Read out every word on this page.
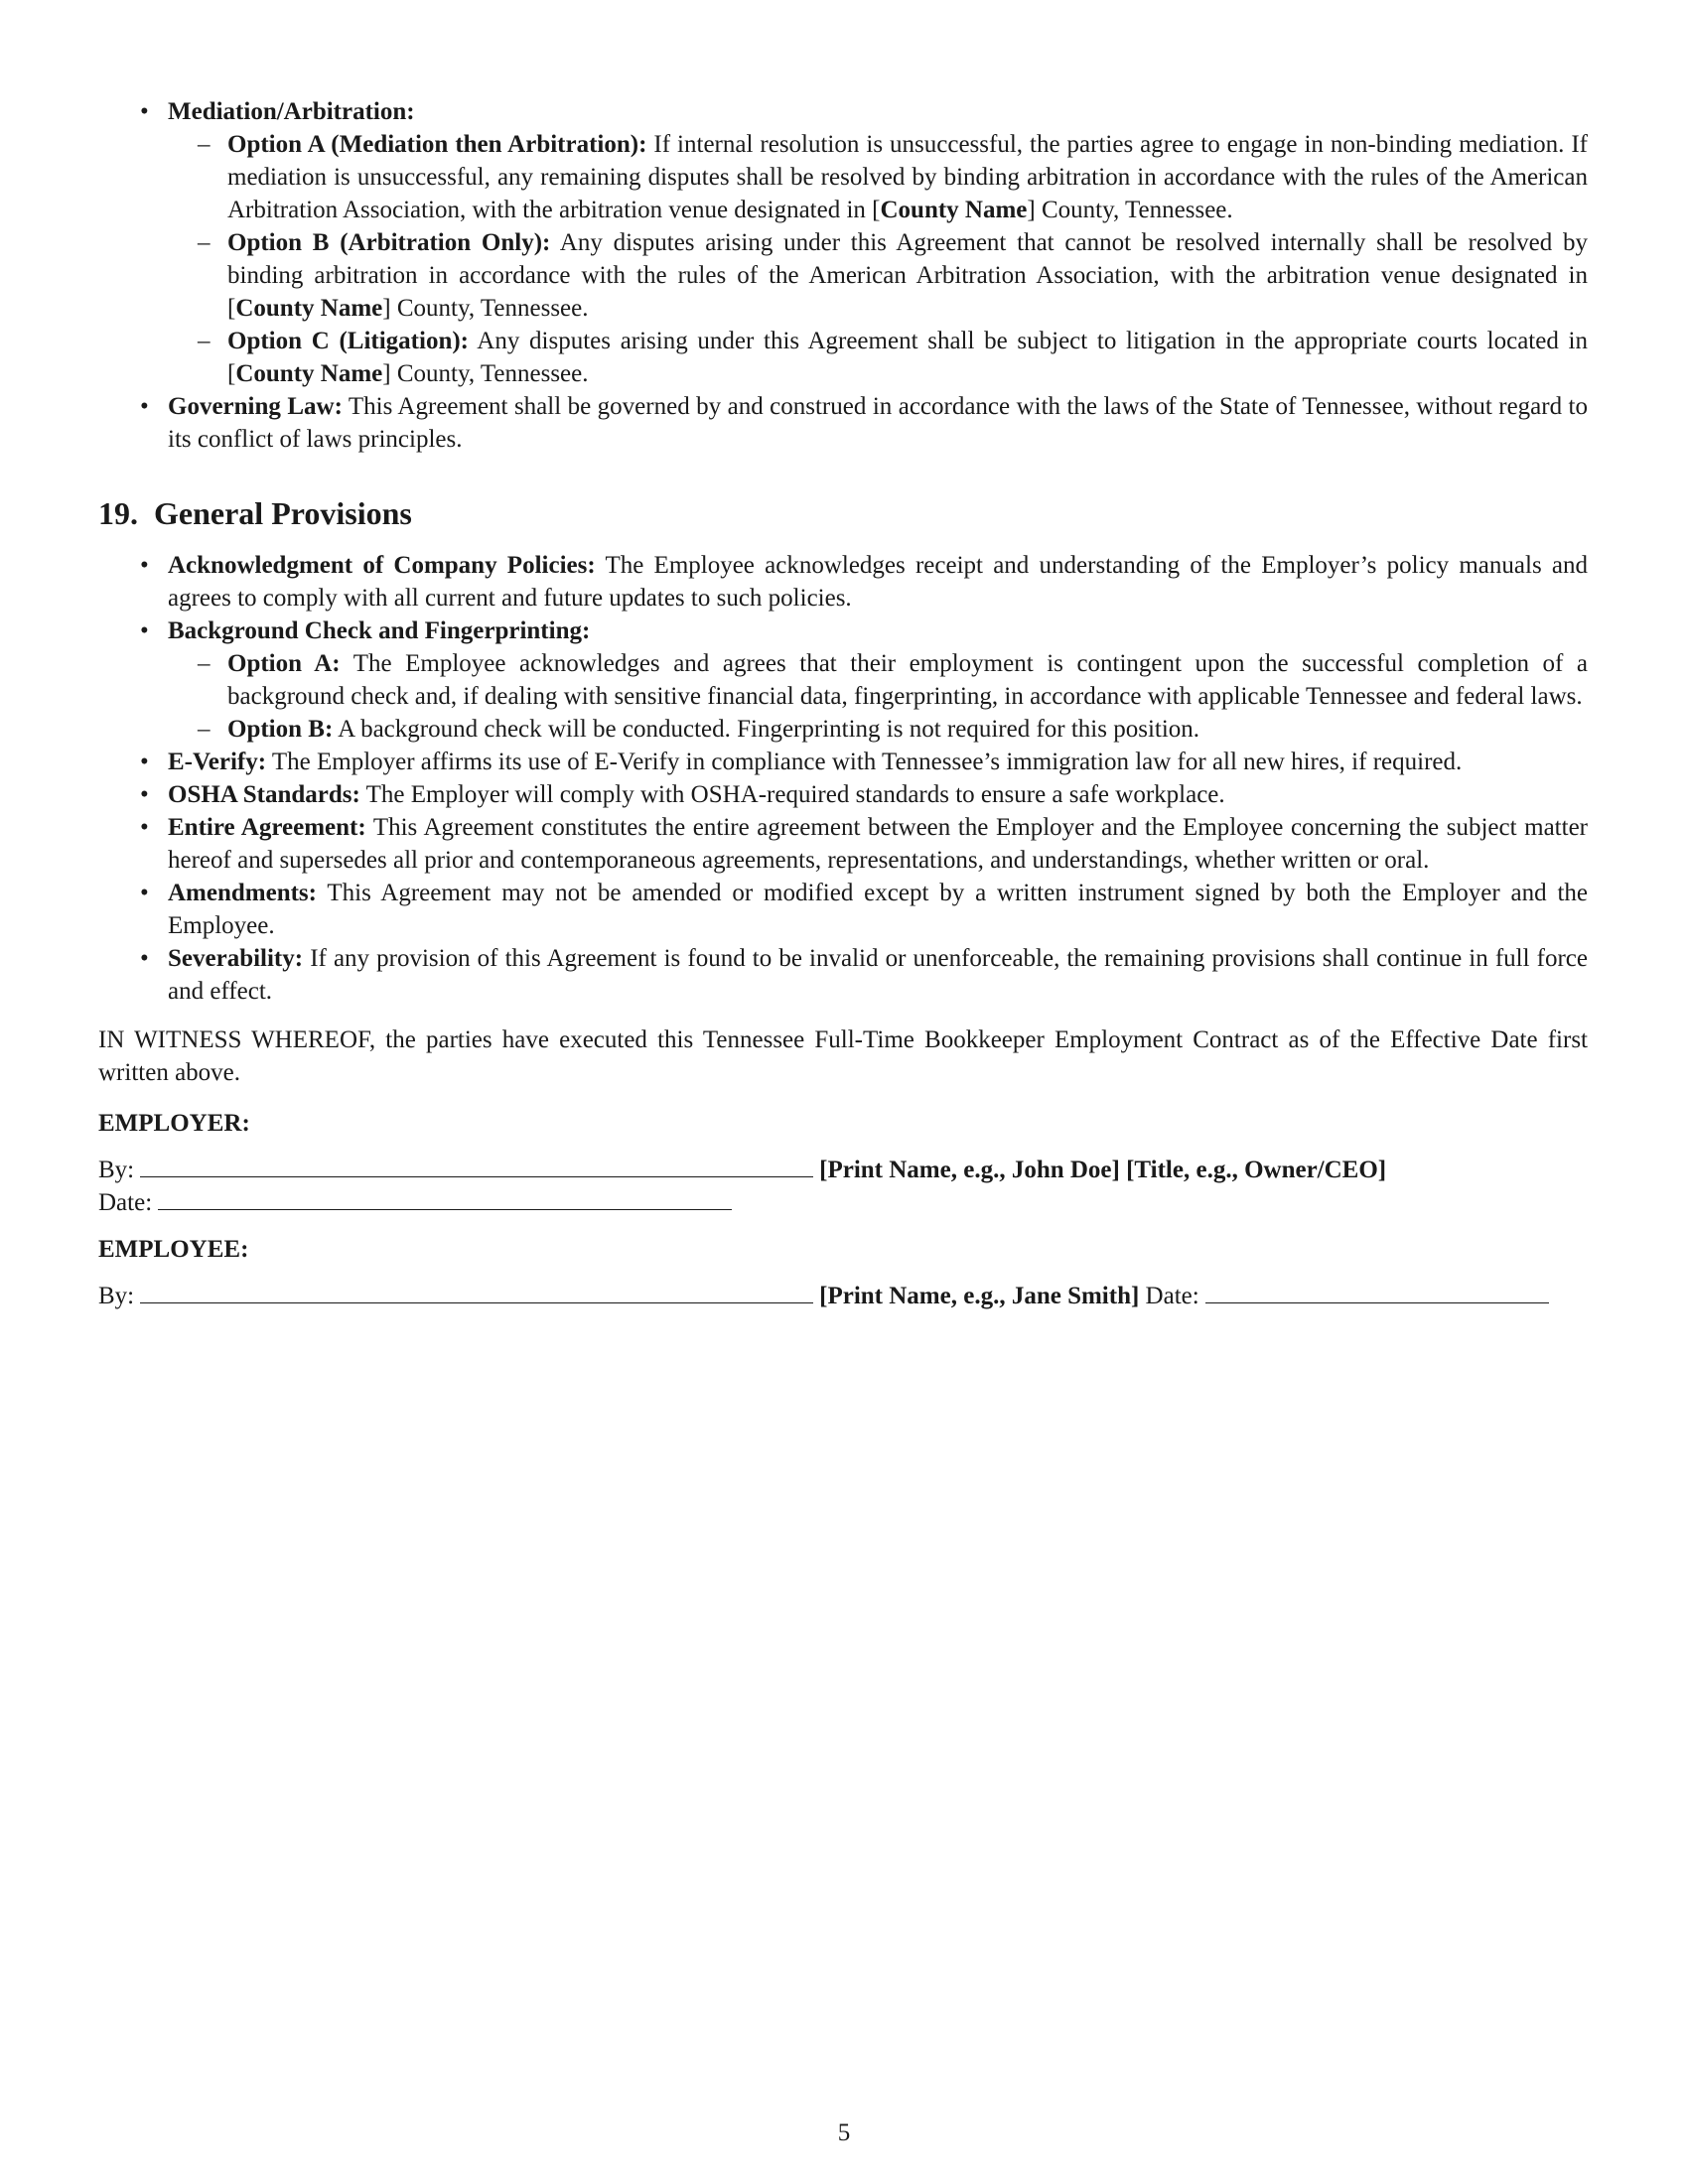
• Mediation/Arbitration:
– Option A (Mediation then Arbitration): If internal resolution is unsuccessful, the parties agree to engage in non-binding mediation. If mediation is unsuccessful, any remaining disputes shall be resolved by binding arbitration in accordance with the rules of the American Arbitration Association, with the arbitration venue designated in [County Name] County, Tennessee.
– Option B (Arbitration Only): Any disputes arising under this Agreement that cannot be resolved internally shall be resolved by binding arbitration in accordance with the rules of the American Arbitration Association, with the arbitration venue designated in [County Name] County, Tennessee.
– Option C (Litigation): Any disputes arising under this Agreement shall be subject to litigation in the appropriate courts located in [County Name] County, Tennessee.
• Governing Law: This Agreement shall be governed by and construed in accordance with the laws of the State of Tennessee, without regard to its conflict of laws principles.
19. General Provisions
• Acknowledgment of Company Policies: The Employee acknowledges receipt and understanding of the Employer’s policy manuals and agrees to comply with all current and future updates to such policies.
• Background Check and Fingerprinting:
– Option A: The Employee acknowledges and agrees that their employment is contingent upon the successful completion of a background check and, if dealing with sensitive financial data, fingerprinting, in accordance with applicable Tennessee and federal laws.
– Option B: A background check will be conducted. Fingerprinting is not required for this position.
• E-Verify: The Employer affirms its use of E-Verify in compliance with Tennessee’s immigration law for all new hires, if required.
• OSHA Standards: The Employer will comply with OSHA-required standards to ensure a safe workplace.
• Entire Agreement: This Agreement constitutes the entire agreement between the Employer and the Employee concerning the subject matter hereof and supersedes all prior and contemporaneous agreements, representations, and understandings, whether written or oral.
• Amendments: This Agreement may not be amended or modified except by a written instrument signed by both the Employer and the Employee.
• Severability: If any provision of this Agreement is found to be invalid or unenforceable, the remaining provisions shall continue in full force and effect.

IN WITNESS WHEREOF, the parties have executed this Tennessee Full-Time Bookkeeper Employment Contract as of the Effective Date first written above.

EMPLOYER:
By:	[Print Name, e.g., John Doe] [Title, e.g., Owner/CEO]
Date:
EMPLOYEE:
By:	[Print Name, e.g., Jane Smith] Date:
5
